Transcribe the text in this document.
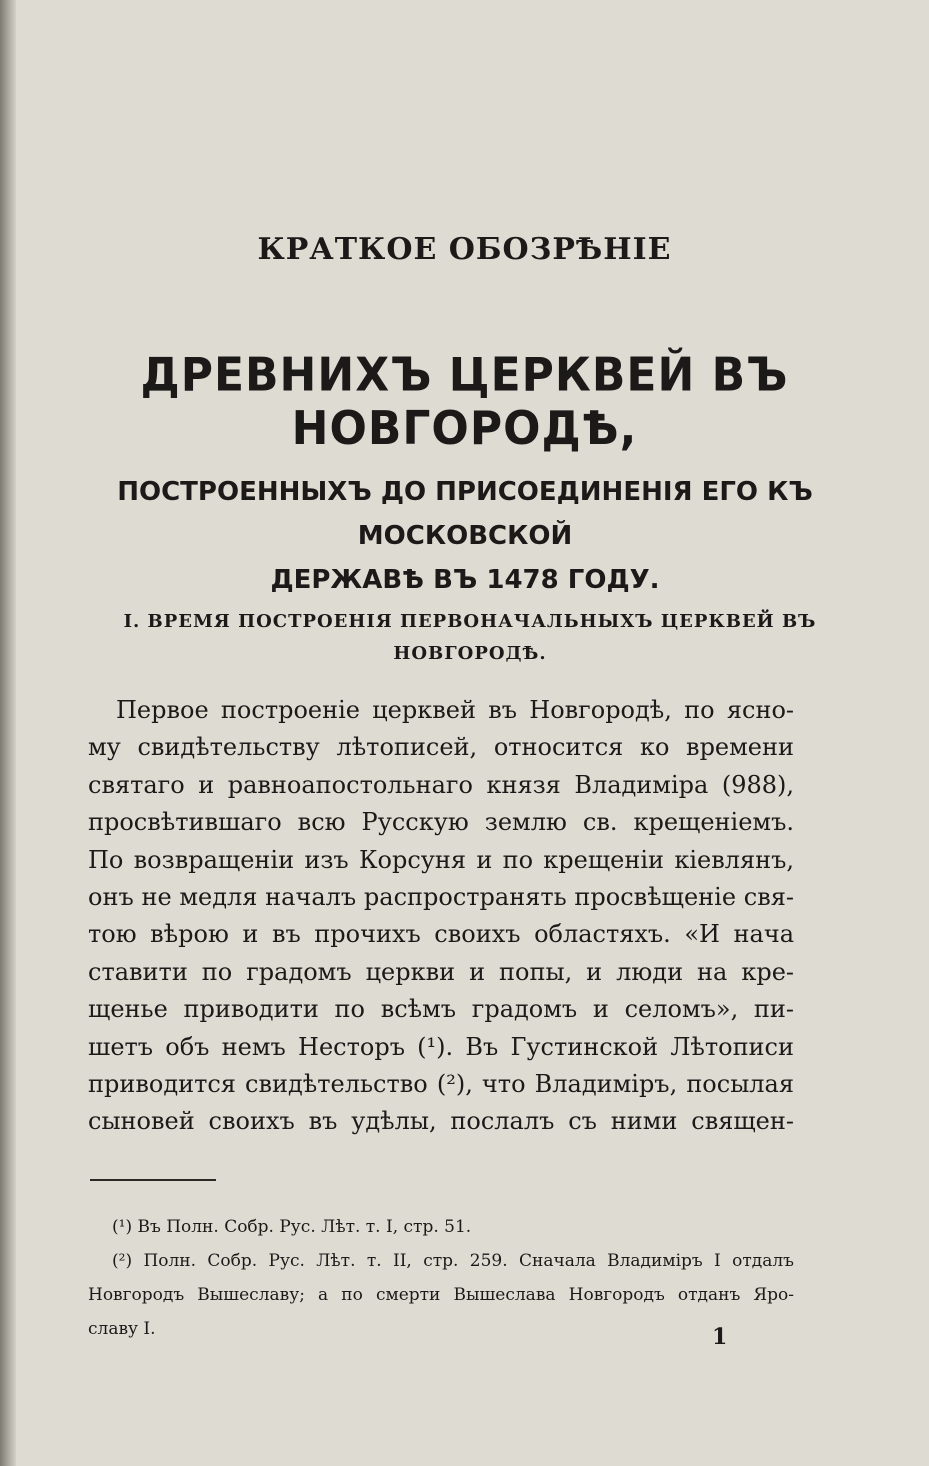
КРАТКОЕ ОБОЗРѢНІЕ
ДРЕВНИХЪ ЦЕРКВЕЙ ВЪ НОВГОРОДѢ,
ПОСТРОЕННЫХЪ ДО ПРИСОЕДИНЕНІЯ ЕГО КЪ МОСКОВСКОЙ
ДЕРЖАВѢ ВЪ 1478 ГОДУ.
I. ВРЕМЯ ПОСТРОЕНІЯ ПЕРВОНАЧАЛЬНЫХЪ ЦЕРКВЕЙ ВЪ
НОВГОРОДѢ.
Первое построеніе церквей въ Новгородѣ, по ясно-
му свидѣтельству лѣтописей, относится ко времени
святаго и равноапостольнаго князя Владиміра (988),
просвѣтившаго всю Русскую землю св. крещеніемъ.
По возвращеніи изъ Корсуня и по крещеніи кіевлянъ,
онъ не медля началъ распространять просвѣщеніе свя-
тою вѣрою и въ прочихъ своихъ областяхъ. «И нача
ставити по градомъ церкви и попы, и люди на кре-
щенье приводити по всѣмъ градомъ и селомъ», пи-
шетъ объ немъ Несторъ (¹). Въ Густинской Лѣтописи
приводится свидѣтельство (²), что Владиміръ, посылая
сыновей своихъ въ удѣлы, послалъ съ ними священ-
(¹) Въ Полн. Собр. Рус. Лѣт. т. I, стр. 51.
(²) Полн. Собр. Рус. Лѣт. т. II, стр. 259. Сначала Владиміръ I отдалъ
Новгородъ Вышеславу; а по смерти Вышеслава Новгородъ отданъ Яро-
славу I.	1
